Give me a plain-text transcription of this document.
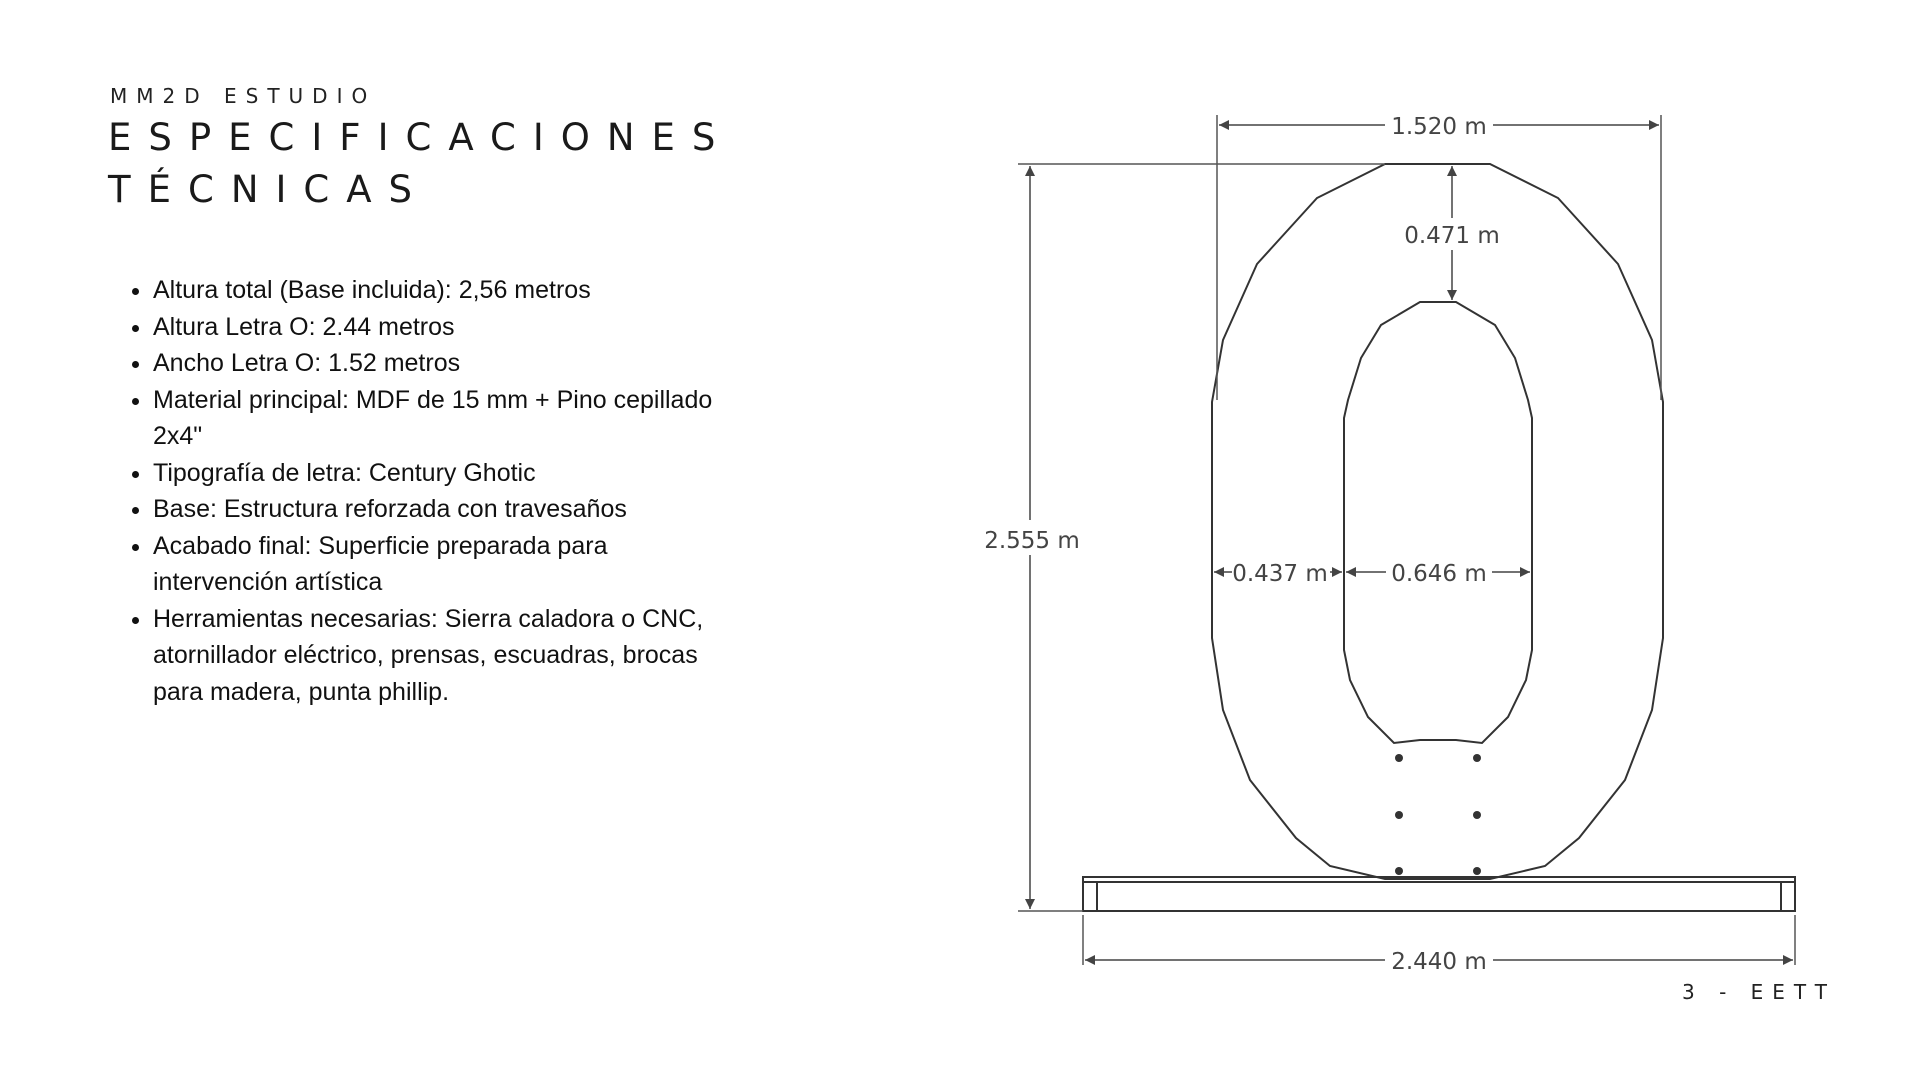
MM2D ESTUDIO
ESPECIFICACIONES
TÉCNICAS
• Altura total (Base incluida): 2,56 metros
• Altura Letra O: 2.44 metros
• Ancho Letra O: 1.52 metros
• Material principal: MDF de 15 mm + Pino cepillado 2x4"
• Tipografía de letra: Century Ghotic
• Base: Estructura reforzada con travesaños
• Acabado final: Superficie preparada para intervención artística
• Herramientas necesarias: Sierra caladora o CNC, atornillador eléctrico, prensas, escuadras, brocas para madera, punta phillip.
1.520 m
0.471 m
2.555 m
0.437 m	0.646 m
2.440 m
3 - EETT
